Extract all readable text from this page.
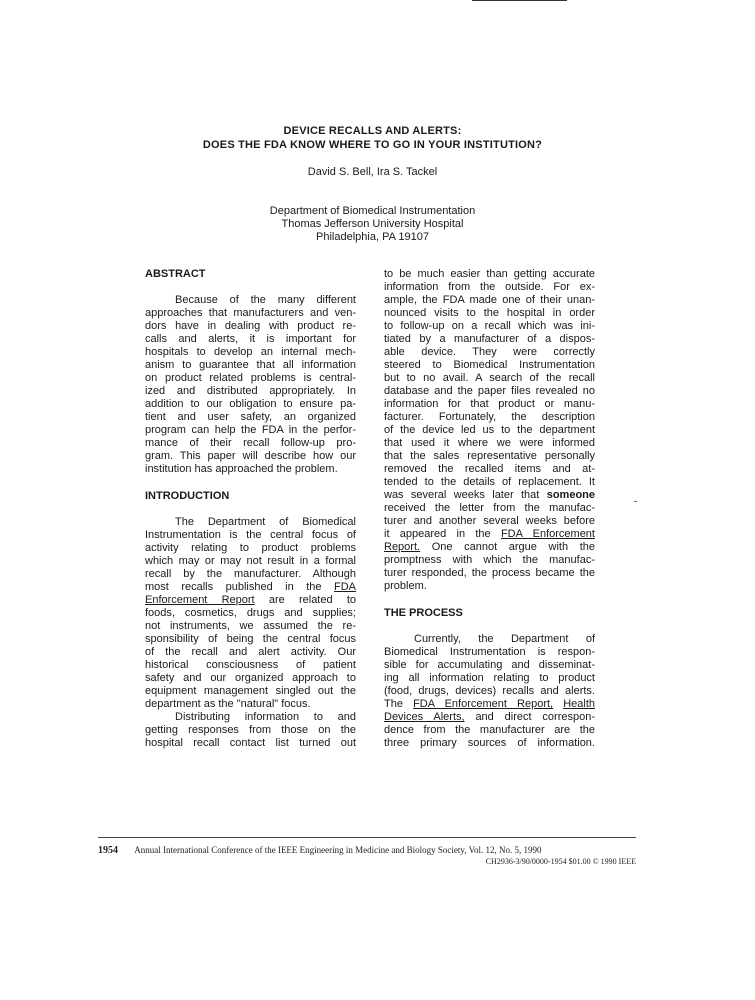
DEVICE RECALLS AND ALERTS:
DOES THE FDA KNOW WHERE TO GO IN YOUR INSTITUTION?
David S. Bell, Ira S. Tackel
Department of Biomedical Instrumentation
Thomas Jefferson University Hospital
Philadelphia, PA 19107
ABSTRACT
Because of the many different
approaches that manufacturers and ven-
dors have in dealing with product re-
calls and alerts, it is important for
hospitals to develop an internal mech-
anism to guarantee that all information
on product related problems is central-
ized and distributed appropriately. In
addition to our obligation to ensure pa-
tient and user safety, an organized
program can help the FDA in the perfor-
mance of their recall follow-up pro-
gram. This paper will describe how our
institution has approached the problem.
INTRODUCTION
The Department of Biomedical
Instrumentation is the central focus of
activity relating to product problems
which may or may not result in a formal
recall by the manufacturer. Although
most recalls published in the FDA
Enforcement Report are related to
foods, cosmetics, drugs and supplies;
not instruments, we assumed the re-
sponsibility of being the central focus
of the recall and alert activity. Our
historical consciousness of patient
safety and our organized approach to
equipment management singled out the
department as the "natural" focus.
Distributing information to and
getting responses from those on the
hospital recall contact list turned out
to be much easier than getting accurate
information from the outside. For ex-
ample, the FDA made one of their unan-
nounced visits to the hospital in order
to follow-up on a recall which was ini-
tiated by a manufacturer of a dispos-
able device. They were correctly
steered to Biomedical Instrumentation
but to no avail. A search of the recall
database and the paper files revealed no
information for that product or manu-
facturer. Fortunately, the description
of the device led us to the department
that used it where we were informed
that the sales representative personally
removed the recalled items and at-
tended to the details of replacement. It
was several weeks later that someone
received the letter from the manufac-
turer and another several weeks before
it appeared in the FDA Enforcement
Report. One cannot argue with the
promptness with which the manufac-
turer responded, the process became the
problem.
THE PROCESS
Currently, the Department of
Biomedical Instrumentation is respon-
sible for accumulating and disseminat-
ing all information relating to product
(food, drugs, devices) recalls and alerts.
The FDA Enforcement Report, Health
Devices Alerts, and direct correspon-
dence from the manufacturer are the
three primary sources of information.
1954 Annual International Conference of the IEEE Engineering in Medicine and Biology Society, Vol. 12, No. 5, 1990
CH2936-3/90/0000-1954 $01.00 © 1990 IEEE
